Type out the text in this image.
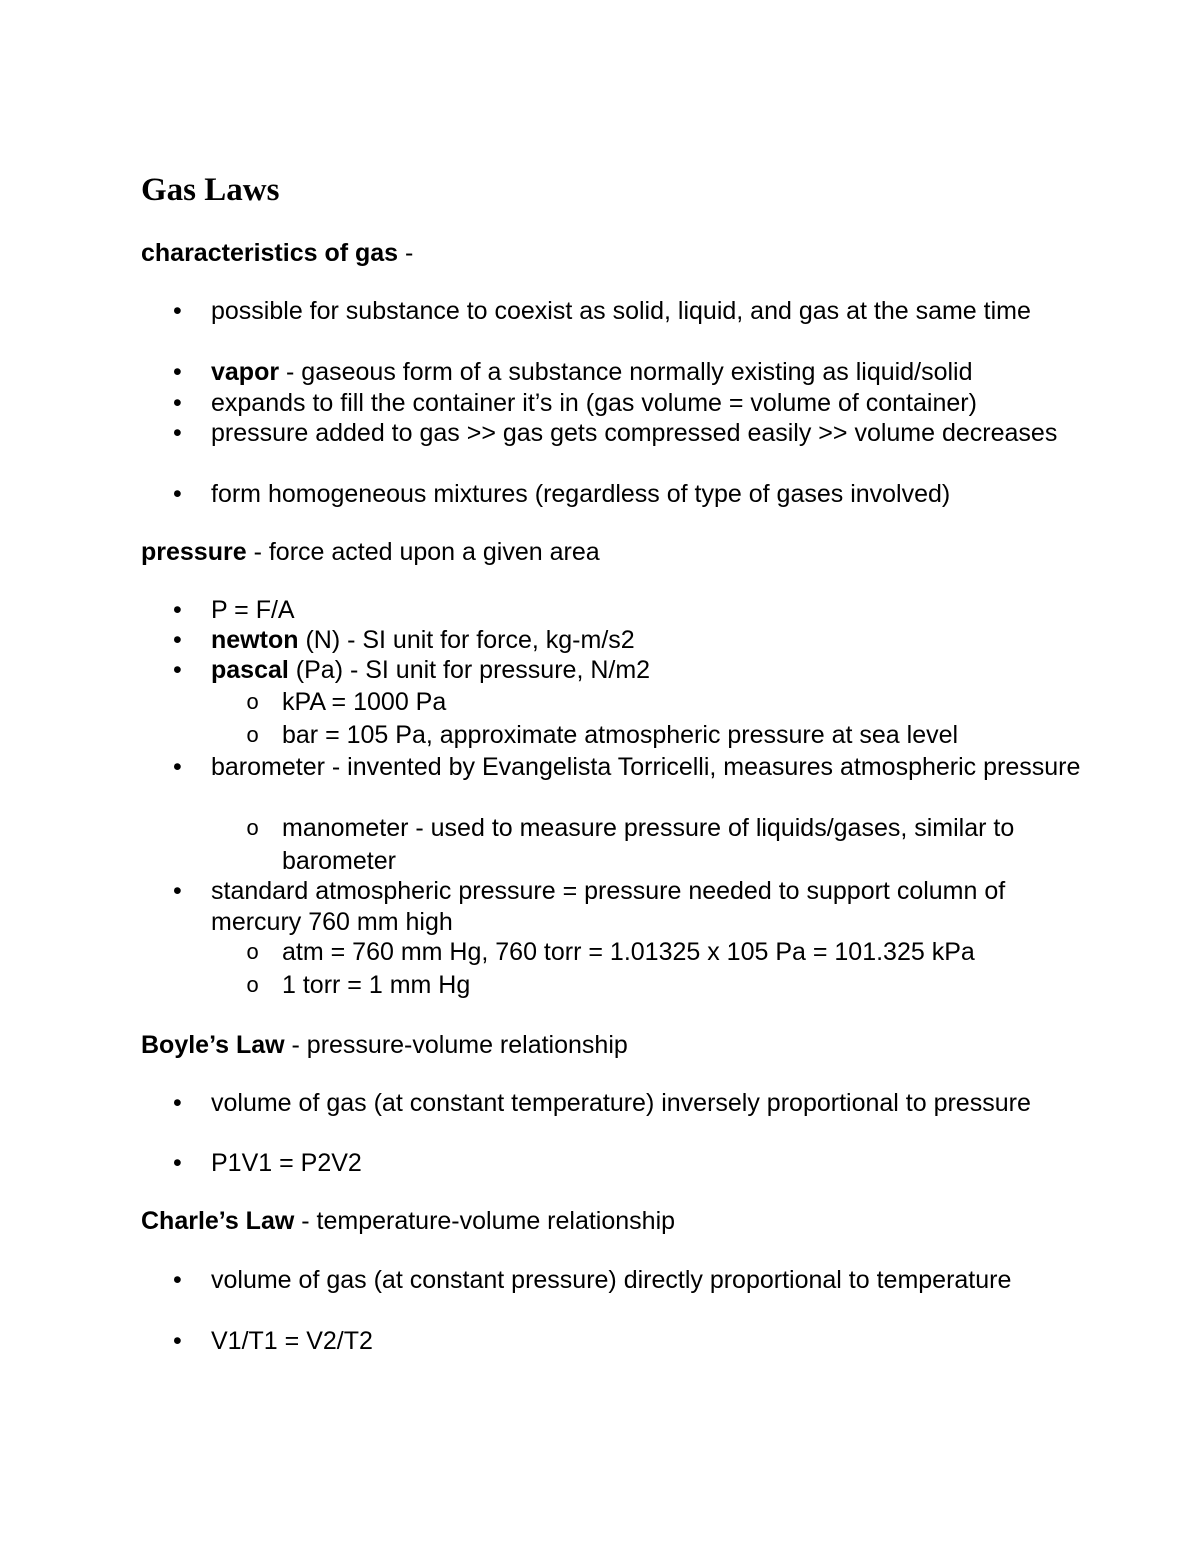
Gas Laws

characteristics of gas -

• possible for substance to coexist as solid, liquid, and gas at the same time

• vapor - gaseous form of a substance normally existing as liquid/solid

• expands to fill the container it’s in (gas volume = volume of container)

• pressure added to gas >> gas gets compressed easily >> volume decreases

• form homogeneous mixtures (regardless of type of gases involved)

pressure - force acted upon a given area

• P = F/A

• newton (N) - SI unit for force, kg-m/s2

• pascal (Pa) - SI unit for pressure, N/m2

o kPA = 1000 Pa

o bar = 105 Pa, approximate atmospheric pressure at sea level

• barometer - invented by Evangelista Torricelli, measures atmospheric pressure

o manometer - used to measure pressure of liquids/gases, similar to barometer

• standard atmospheric pressure = pressure needed to support column of mercury 760 mm high

o atm = 760 mm Hg, 760 torr = 1.01325 x 105 Pa = 101.325 kPa

o 1 torr = 1 mm Hg

Boyle’s Law - pressure-volume relationship

• volume of gas (at constant temperature) inversely proportional to pressure

• P1V1 = P2V2

Charle’s Law - temperature-volume relationship

• volume of gas (at constant pressure) directly proportional to temperature

• V1/T1 = V2/T2
